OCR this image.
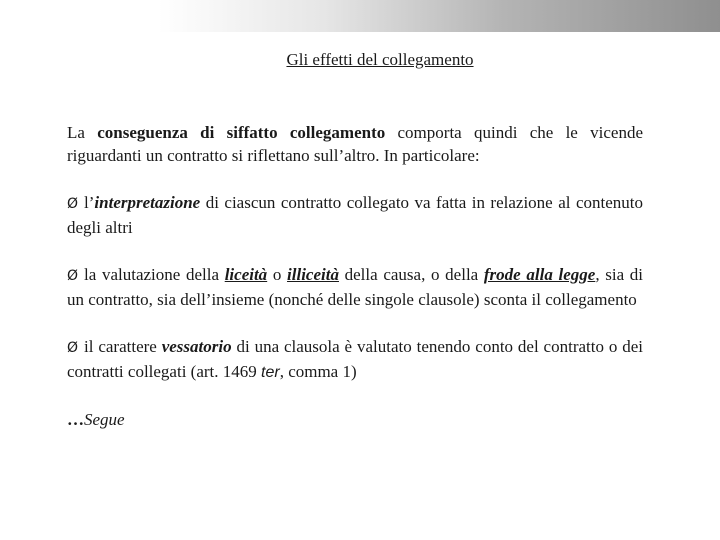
Gli effetti del collegamento

La conseguenza di siffatto collegamento comporta quindi che le vicende riguardanti un contratto si riflettano sull’altro. In particolare:

Ø l’interpretazione di ciascun contratto collegato va fatta in relazione al contenuto degli altri

Ø la valutazione della liceità o illiceità della causa, o della frode alla legge, sia di un contratto, sia dell’insieme (nonché delle singole clausole) sconta il collegamento

Ø il carattere vessatorio di una clausola è valutato tenendo conto del contratto o dei contratti collegati (art. 1469 ter, comma 1)

…Segue
